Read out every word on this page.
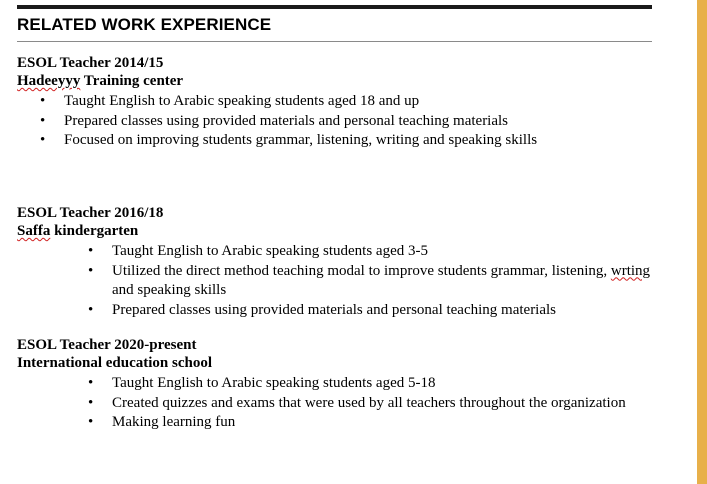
RELATED WORK EXPERIENCE
ESOL Teacher 2014/15
Hadeeyyy Training center
• Taught English to Arabic speaking students aged 18 and up
• Prepared classes using provided materials and personal teaching materials
• Focused on improving students grammar, listening, writing and speaking skills
ESOL Teacher 2016/18
Saffa kindergarten
• Taught English to Arabic speaking students aged 3-5
• Utilized the direct method teaching modal to improve students grammar, listening, wrting and speaking skills
• Prepared classes using provided materials and personal teaching materials
ESOL Teacher 2020-present
International education school
• Taught English to Arabic speaking students aged 5-18
• Created quizzes and exams that were used by all teachers throughout the organization
• Making learning fun
